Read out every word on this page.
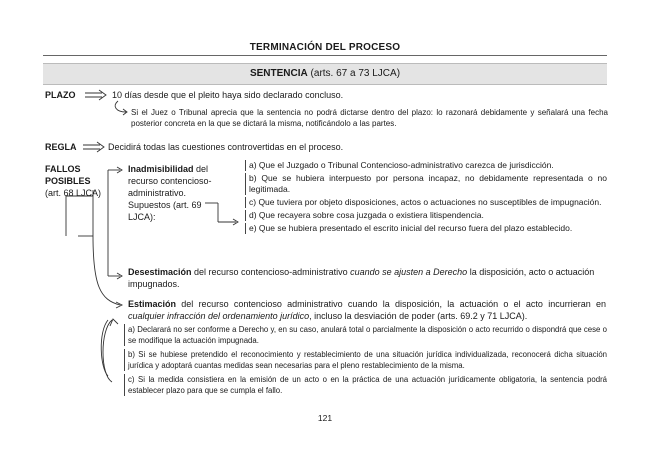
TERMINACIÓN DEL PROCESO
SENTENCIA (arts. 67 a 73 LJCA)
PLAZO	10 días desde que el pleito haya sido declarado concluso.
Si el Juez o Tribunal aprecia que la sentencia no podrá dictarse dentro del plazo: lo razonará debidamente y señalará una fecha posterior concreta en la que se dictará la misma, notificándolo a las partes.
REGLA	Decidirá todas las cuestiones controvertidas en el proceso.
FALLOS
POSIBLES
(art. 68 LJCA)
Inadmisibilidad del recurso contencioso-administrativo. Supuestos (art. 69 LJCA):
a) Que el Juzgado o Tribunal Contencioso-administrativo carezca de jurisdicción.
b) Que se hubiera interpuesto por persona incapaz, no debidamente representada o no legitimada.
c) Que tuviera por objeto disposiciones, actos o actuaciones no susceptibles de impugnación.
d) Que recayera sobre cosa juzgada o existiera litispendencia.
e) Que se hubiera presentado el escrito inicial del recurso fuera del plazo establecido.
Desestimación del recurso contencioso-administrativo cuando se ajusten a Derecho la disposición, acto o actuación impugnados.
Estimación del recurso contencioso administrativo cuando la disposición, la actuación o el acto incurrieran en cualquier infracción del ordenamiento jurídico, incluso la desviación de poder (arts. 69.2 y 71 LJCA).
a) Declarará no ser conforme a Derecho y, en su caso, anulará total o parcialmente la disposición o acto recurrido o dispondrá que cese o se modifique la actuación impugnada.
b) Si se hubiese pretendido el reconocimiento y restablecimiento de una situación jurídica individualizada, reconocerá dicha situación jurídica y adoptará cuantas medidas sean necesarias para el pleno restablecimiento de la misma.
c) Si la medida consistiera en la emisión de un acto o en la práctica de una actuación jurídicamente obligatoria, la sentencia podrá establecer plazo para que se cumpla el fallo.
121
